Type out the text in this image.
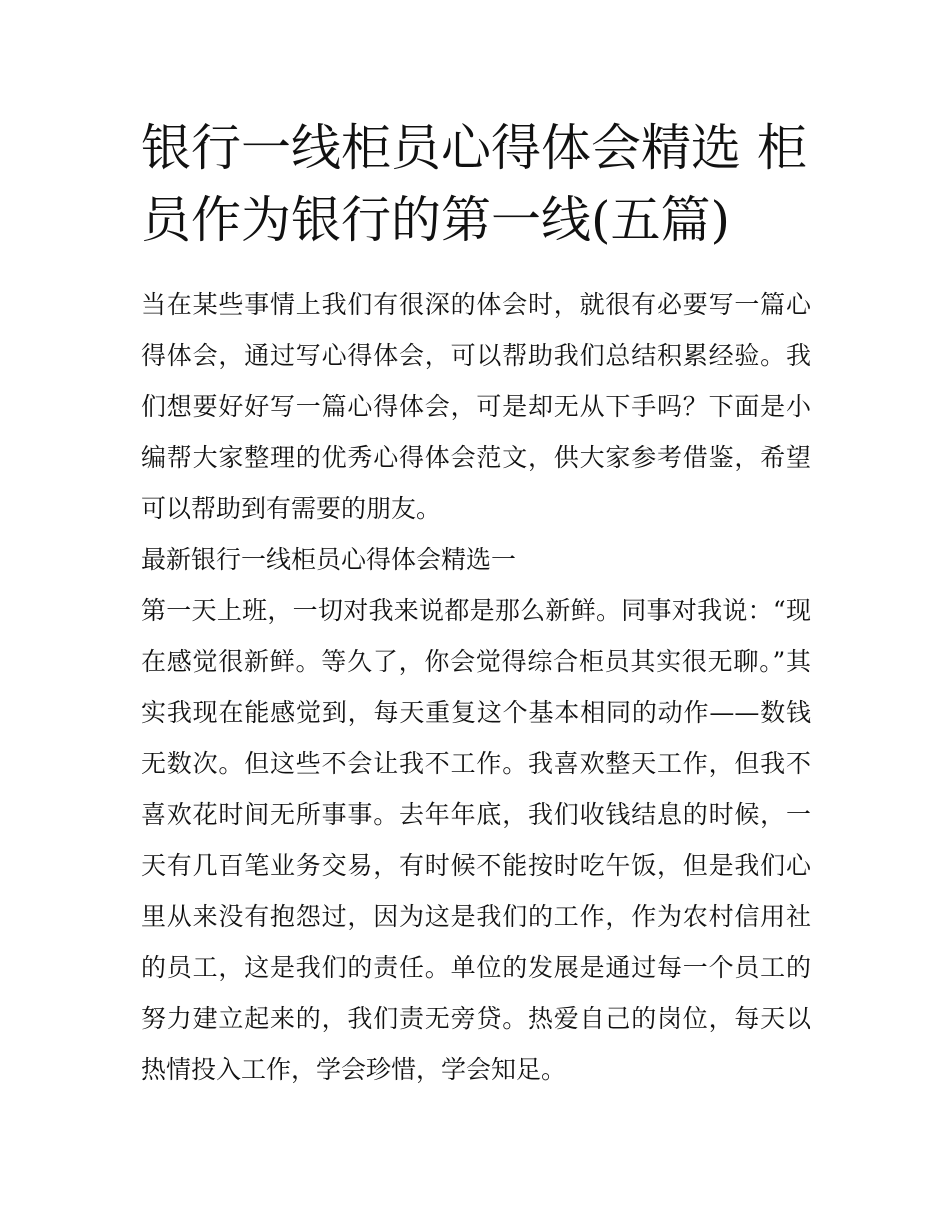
银行一线柜员心得体会精选 柜员作为银行的第一线(五篇)

当在某些事情上我们有很深的体会时，就很有必要写一篇心得体会，通过写心得体会，可以帮助我们总结积累经验。我们想要好好写一篇心得体会，可是却无从下手吗？下面是小编帮大家整理的优秀心得体会范文，供大家参考借鉴，希望可以帮助到有需要的朋友。

最新银行一线柜员心得体会精选一

第一天上班，一切对我来说都是那么新鲜。同事对我说：“现在感觉很新鲜。等久了，你会觉得综合柜员其实很无聊。”其实我现在能感觉到，每天重复这个基本相同的动作——数钱无数次。但这些不会让我不工作。我喜欢整天工作，但我不喜欢花时间无所事事。去年年底，我们收钱结息的时候，一天有几百笔业务交易，有时候不能按时吃午饭，但是我们心里从来没有抱怨过，因为这是我们的工作，作为农村信用社的员工，这是我们的责任。单位的发展是通过每一个员工的努力建立起来的，我们责无旁贷。热爱自己的岗位，每天以热情投入工作，学会珍惜，学会知足。
